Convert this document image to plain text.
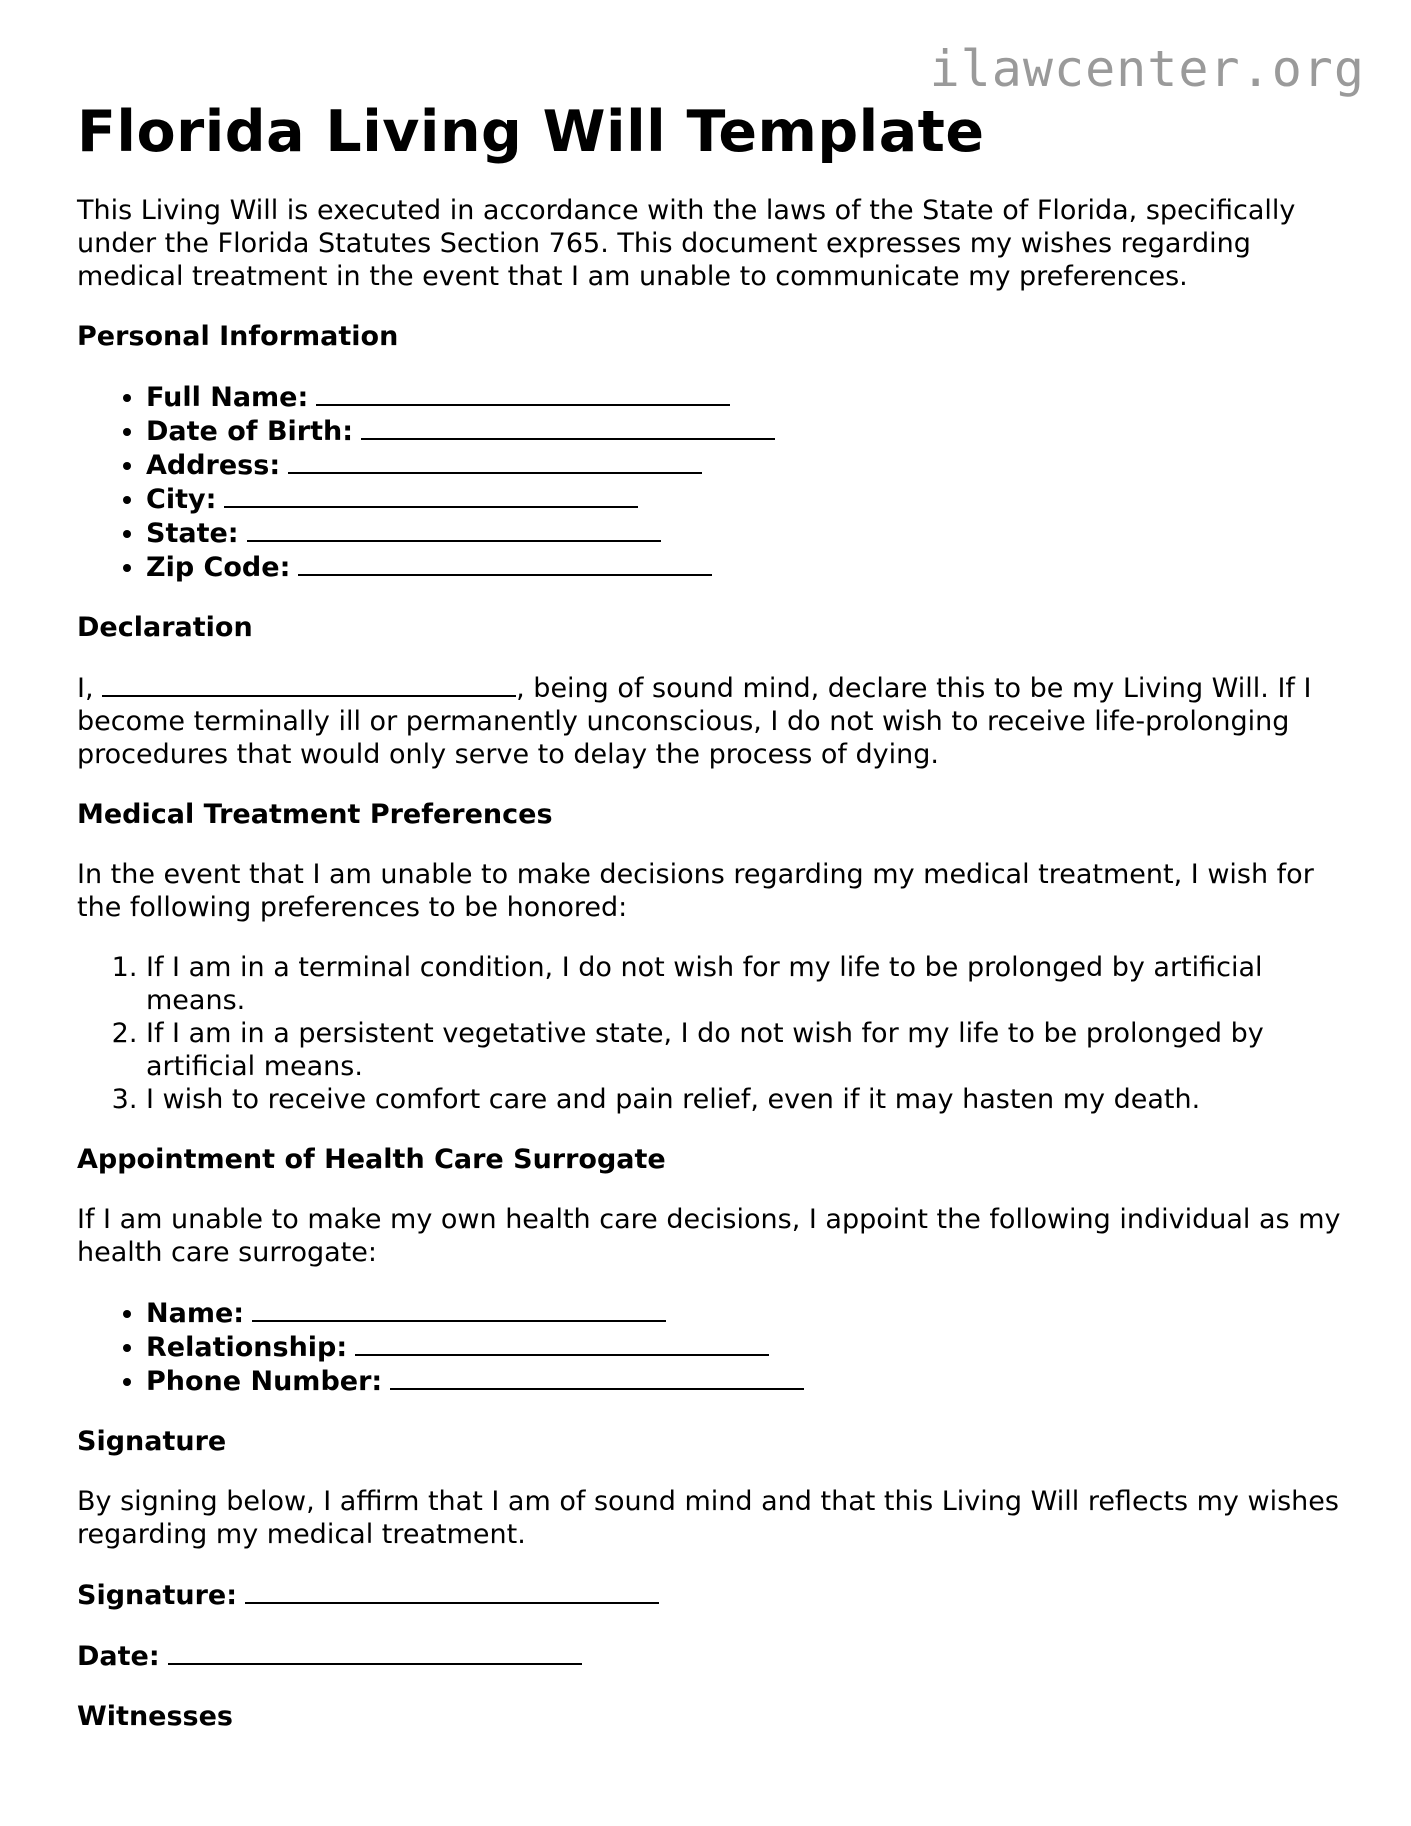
ilawcenter.org
Florida Living Will Template

This Living Will is executed in accordance with the laws of the State of Florida, specifically under the Florida Statutes Section 765. This document expresses my wishes regarding medical treatment in the event that I am unable to communicate my preferences.

Personal Information
• Full Name:
• Date of Birth:
• Address:
• City:
• State:
• Zip Code:
Declaration

I,	, being of sound mind, declare this to be my Living Will. If I become terminally ill or permanently unconscious, I do not wish to receive life-prolonging procedures that would only serve to delay the process of dying.

Medical Treatment Preferences

In the event that I am unable to make decisions regarding my medical treatment, I wish for the following preferences to be honored:

1. If I am in a terminal condition, I do not wish for my life to be prolonged by artificial means.
2. If I am in a persistent vegetative state, I do not wish for my life to be prolonged by artificial means.
3. I wish to receive comfort care and pain relief, even if it may hasten my death.
Appointment of Health Care Surrogate

If I am unable to make my own health care decisions, I appoint the following individual as my health care surrogate:

• Name:
• Relationship:
• Phone Number:
Signature

By signing below, I affirm that I am of sound mind and that this Living Will reflects my wishes regarding my medical treatment.

Signature:
Date:
Witnesses
